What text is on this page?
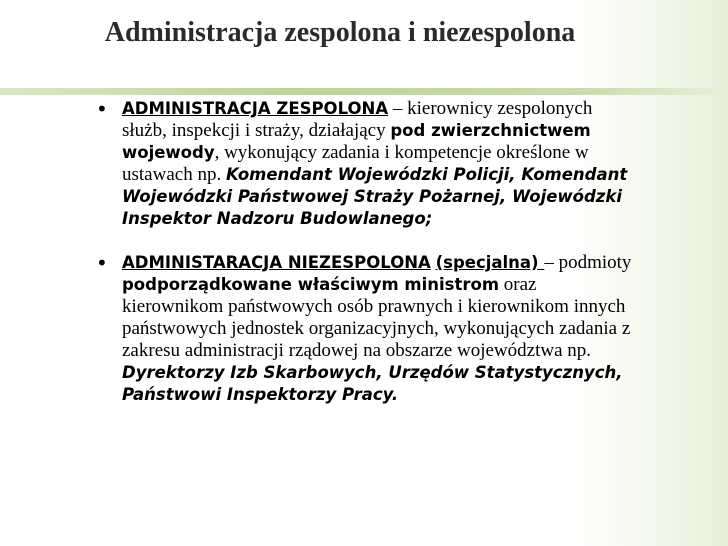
Administracja zespolona i niezespolona
• ADMINISTRACJA ZESPOLONA – kierownicy zespolonych służb, inspekcji i straży, działający pod zwierzchnictwem wojewody, wykonujący zadania i kompetencje określone w ustawach np. Komendant Wojewódzki Policji, Komendant Wojewódzki Państwowej Straży Pożarnej, Wojewódzki Inspektor Nadzoru Budowlanego;
• ADMINISTARACJA NIEZESPOLONA (specjalna) – podmioty podporządkowane właściwym ministrom oraz kierownikom państwowych osób prawnych i kierownikom innych państwowych jednostek organizacyjnych, wykonujących zadania z zakresu administracji rządowej na obszarze województwa np. Dyrektorzy Izb Skarbowych, Urzędów Statystycznych, Państwowi Inspektorzy Pracy.
